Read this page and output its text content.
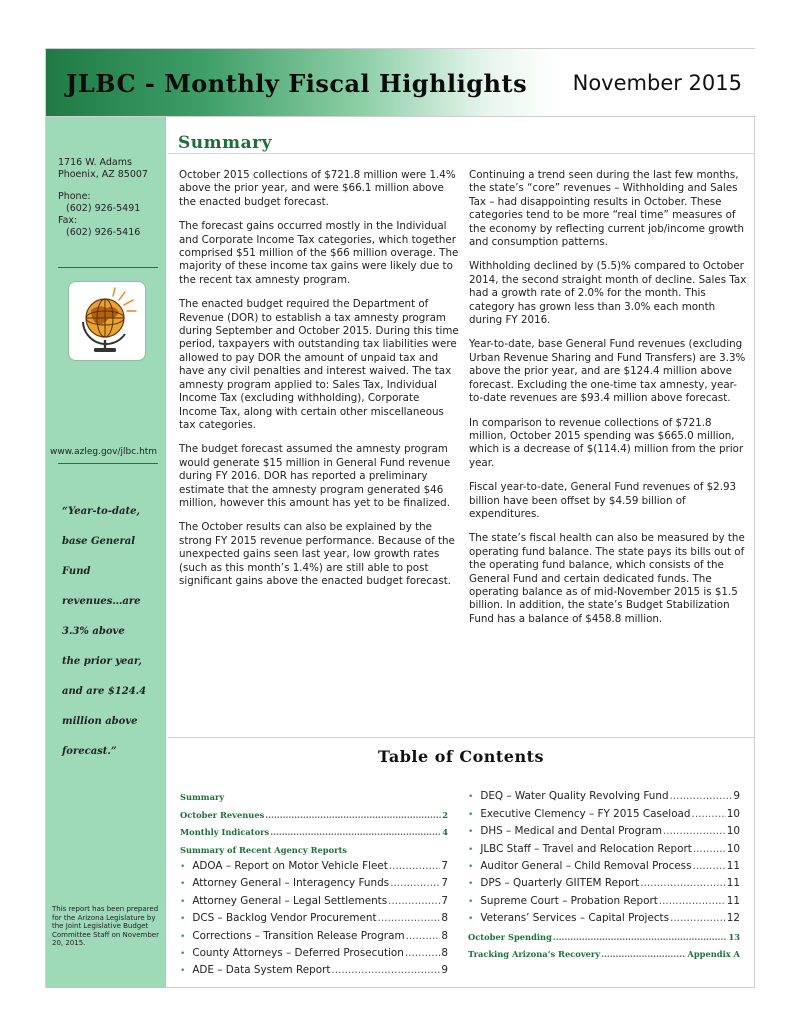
JLBC - Monthly Fiscal Highlights November 2015
1716 W. Adams
Phoenix, AZ 85007
Phone:
(602) 926-5491
Fax:
(602) 926-5416
www.azleg.gov/jlbc.htm
“Year-to-date,
base General
Fund
revenues…are
3.3% above
the prior year,
and are $124.4
million above
forecast.”
This report has been prepared for the Arizona Legislature by the Joint Legislative Budget Committee Staff on November 20, 2015.
Summary

October 2015 collections of $721.8 million were 1.4% above the prior year, and were $66.1 million above the enacted budget forecast.

The forecast gains occurred mostly in the Individual and Corporate Income Tax categories, which together comprised $51 million of the $66 million overage. The majority of these income tax gains were likely due to the recent tax amnesty program.

The enacted budget required the Department of Revenue (DOR) to establish a tax amnesty program during September and October 2015. During this time period, taxpayers with outstanding tax liabilities were allowed to pay DOR the amount of unpaid tax and have any civil penalties and interest waived. The tax amnesty program applied to: Sales Tax, Individual Income Tax (excluding withholding), Corporate Income Tax, along with certain other miscellaneous tax categories.

The budget forecast assumed the amnesty program would generate $15 million in General Fund revenue during FY 2016. DOR has reported a preliminary estimate that the amnesty program generated $46 million, however this amount has yet to be finalized.

The October results can also be explained by the strong FY 2015 revenue performance. Because of the unexpected gains seen last year, low growth rates (such as this month’s 1.4%) are still able to post significant gains above the enacted budget forecast.

Continuing a trend seen during the last few months, the state’s “core” revenues – Withholding and Sales Tax – had disappointing results in October. These categories tend to be more “real time” measures of the economy by reflecting current job/income growth and consumption patterns.

Withholding declined by (5.5)% compared to October 2014, the second straight month of decline. Sales Tax had a growth rate of 2.0% for the month. This category has grown less than 3.0% each month during FY 2016.

Year-to-date, base General Fund revenues (excluding Urban Revenue Sharing and Fund Transfers) are 3.3% above the prior year, and are $124.4 million above forecast. Excluding the one-time tax amnesty, year-to-date revenues are $93.4 million above forecast.

In comparison to revenue collections of $721.8 million, October 2015 spending was $665.0 million, which is a decrease of $(114.4) million from the prior year.

Fiscal year-to-date, General Fund revenues of $2.93 billion have been offset by $4.59 billion of expenditures.

The state’s fiscal health can also be measured by the operating fund balance. The state pays its bills out of the operating fund balance, which consists of the General Fund and certain dedicated funds. The operating balance as of mid-November 2015 is $1.5 billion. In addition, the state’s Budget Stabilization Fund has a balance of $458.8 million.

Table of Contents
Summary
October Revenues .....	2
Monthly Indicators .....	4
Summary of Recent Agency Reports
• ADOA – Report on Motor Vehicle Fleet .....	7
• Attorney General – Interagency Funds .....	7
• Attorney General – Legal Settlements .....	7
• DCS – Backlog Vendor Procurement .....	8
• Corrections – Transition Release Program .....	8
• County Attorneys – Deferred Prosecution .....	8
• ADE – Data System Report .....	9
• DEQ – Water Quality Revolving Fund .....	9
• Executive Clemency – FY 2015 Caseload .....	10
• DHS – Medical and Dental Program .....	10
• JLBC Staff – Travel and Relocation Report .....	10
• Auditor General – Child Removal Process .....	11
• DPS – Quarterly GIITEM Report .....	11
• Supreme Court – Probation Report .....	11
• Veterans’ Services – Capital Projects .....	12
October Spending .....	13
Tracking Arizona’s Recovery .....	Appendix A
